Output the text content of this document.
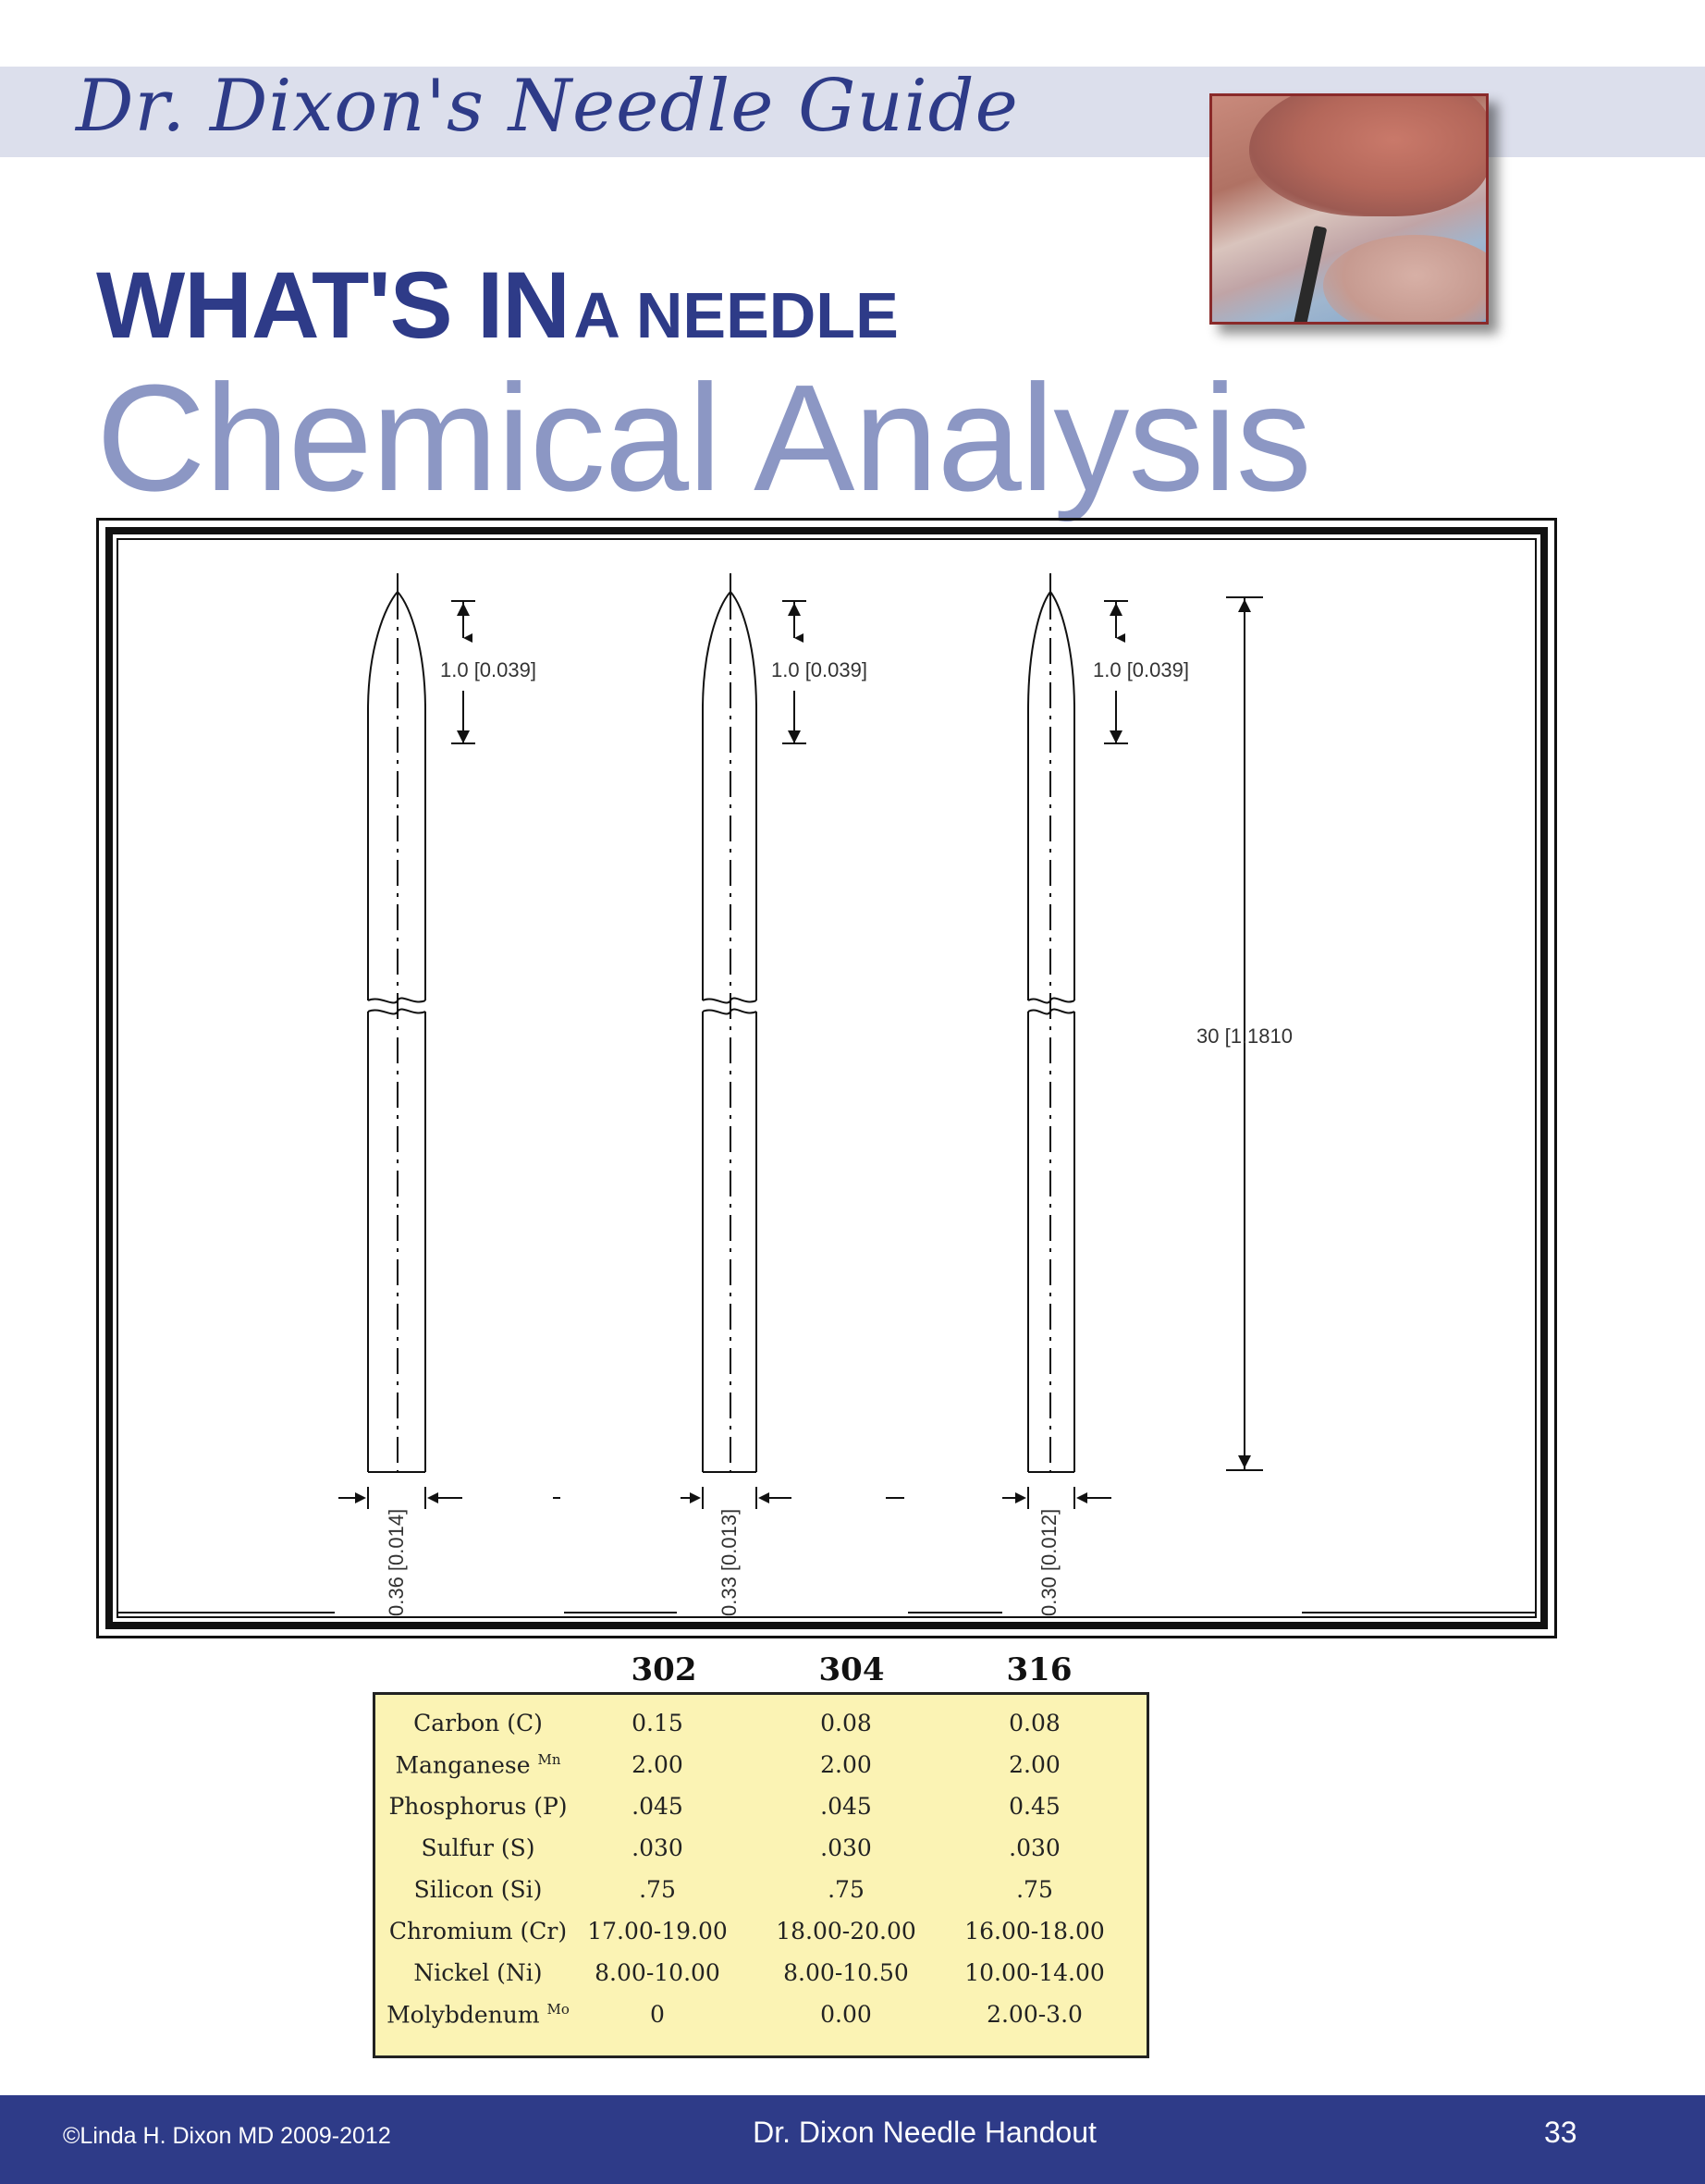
Dr. Dixon's Needle Guide
WHAT'S IN A NEEDLE
Chemical Analysis
1.0 [0.039]	1.0 [0.039]	1.0 [0.039]
30 [1.1810
0.36 [0.014]	0.33 [0.013]	0.30 [0.012]
302	304	316
Carbon (C)	0.15	0.08	0.08
Manganese $^{Mn}$	2.00	2.00	2.00
Phosphorus (P)	.045	.045	0.45
Sulfur (S)	.030	.030	.030
Silicon (Si)	.75	.75	.75
Chromium (Cr) 17.00-19.00	18.00-20.00	16.00-18.00
Nickel (Ni)	8.00-10.00	8.00-10.50	10.00-14.00
Molybdenum $^{Mo}$	0	0.00	2.00-3.0
©Linda H. Dixon MD 2009-2012	Dr. Dixon Needle Handout	33
